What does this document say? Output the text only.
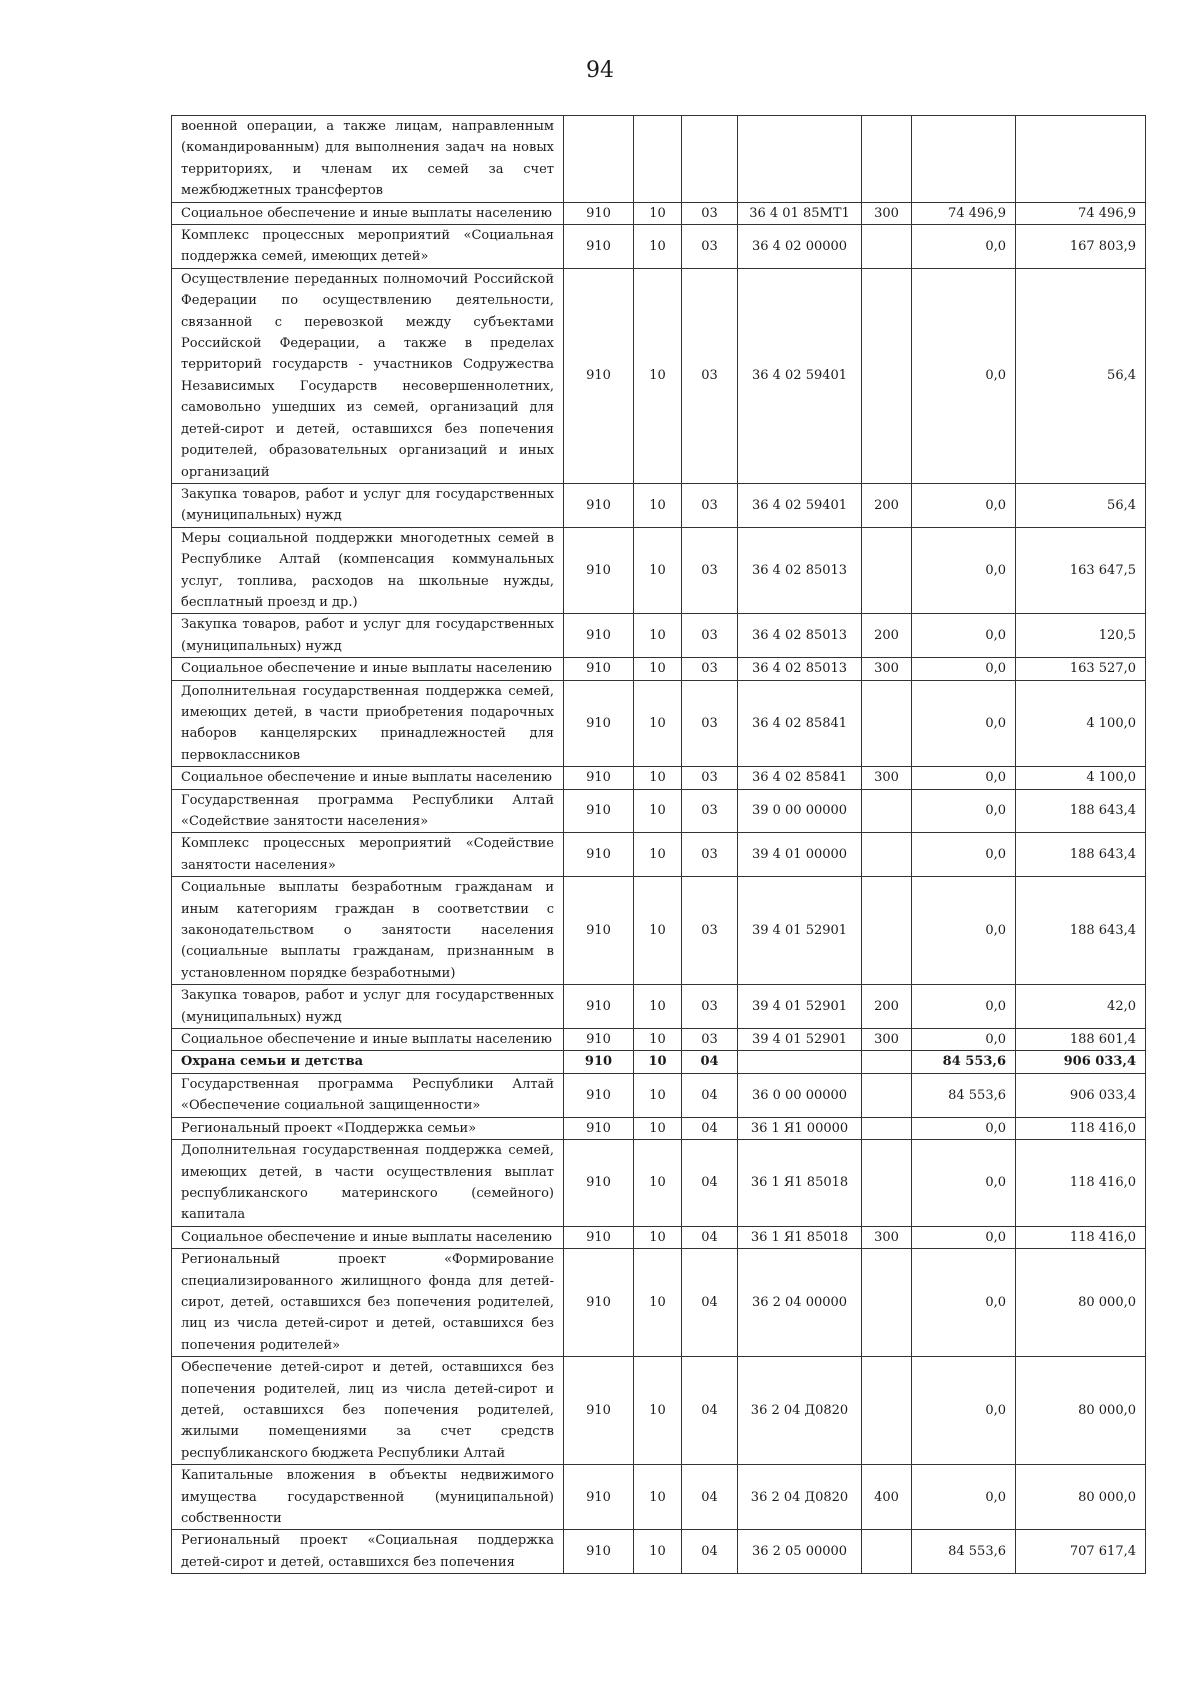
94
военной операции, а также лицам, направленным (командированным) для выполнения задач на новых территориях, и членам их семей за счет межбюджетных трансфертов							
Социальное обеспечение и иные выплаты населению	910	10	03	36 4 01 85МТ1	300	74 496,9	74 496,9
Комплекс процессных мероприятий «Социальная поддержка семей, имеющих детей»	910	10	03	36 4 02 00000		0,0	167 803,9
Осуществление переданных полномочий Российской Федерации по осуществлению деятельности, связанной с перевозкой между субъектами Российской Федерации, а также в пределах территорий государств - участников Содружества Независимых Государств несовершеннолетних, самовольно ушедших из семей, организаций для детей-сирот и детей, оставшихся без попечения родителей, образовательных организаций и иных организаций	910	10	03	36 4 02 59401		0,0	56,4
Закупка товаров, работ и услуг для государственных (муниципальных) нужд	910	10	03	36 4 02 59401	200	0,0	56,4
Меры социальной поддержки многодетных семей в Республике Алтай (компенсация коммунальных услуг, топлива, расходов на школьные нужды, бесплатный проезд и др.)	910	10	03	36 4 02 85013		0,0	163 647,5
Закупка товаров, работ и услуг для государственных (муниципальных) нужд	910	10	03	36 4 02 85013	200	0,0	120,5
Социальное обеспечение и иные выплаты населению	910	10	03	36 4 02 85013	300	0,0	163 527,0
Дополнительная государственная поддержка семей, имеющих детей, в части приобретения подарочных наборов канцелярских принадлежностей для первоклассников	910	10	03	36 4 02 85841		0,0	4 100,0
Социальное обеспечение и иные выплаты населению	910	10	03	36 4 02 85841	300	0,0	4 100,0
Государственная программа Республики Алтай «Содействие занятости населения»	910	10	03	39 0 00 00000		0,0	188 643,4
Комплекс процессных мероприятий «Содействие занятости населения»	910	10	03	39 4 01 00000		0,0	188 643,4
Социальные выплаты безработным гражданам и иным категориям граждан в соответствии с законодательством о занятости населения (социальные выплаты гражданам, признанным в установленном порядке безработными)	910	10	03	39 4 01 52901		0,0	188 643,4
Закупка товаров, работ и услуг для государственных (муниципальных) нужд	910	10	03	39 4 01 52901	200	0,0	42,0
Социальное обеспечение и иные выплаты населению	910	10	03	39 4 01 52901	300	0,0	188 601,4
Охрана семьи и детства	910	10	04			84 553,6	906 033,4
Государственная программа Республики Алтай «Обеспечение социальной защищенности»	910	10	04	36 0 00 00000		84 553,6	906 033,4
Региональный проект «Поддержка семьи»	910	10	04	36 1 Я1 00000		0,0	118 416,0
Дополнительная государственная поддержка семей, имеющих детей, в части осуществления выплат республиканского материнского (семейного) капитала	910	10	04	36 1 Я1 85018		0,0	118 416,0
Социальное обеспечение и иные выплаты населению	910	10	04	36 1 Я1 85018	300	0,0	118 416,0
Региональный проект «Формирование специализированного жилищного фонда для детей-сирот, детей, оставшихся без попечения родителей, лиц из числа детей-сирот и детей, оставшихся без попечения родителей»	910	10	04	36 2 04 00000		0,0	80 000,0
Обеспечение детей-сирот и детей, оставшихся без попечения родителей, лиц из числа детей-сирот и детей, оставшихся без попечения родителей, жилыми помещениями за счет средств республиканского бюджета Республики Алтай	910	10	04	36 2 04 Д0820		0,0	80 000,0
Капитальные вложения в объекты недвижимого имущества государственной (муниципальной) собственности	910	10	04	36 2 04 Д0820	400	0,0	80 000,0
Региональный проект «Социальная поддержка детей-сирот и детей, оставшихся без попечения	910	10	04	36 2 05 00000		84 553,6	707 617,4
